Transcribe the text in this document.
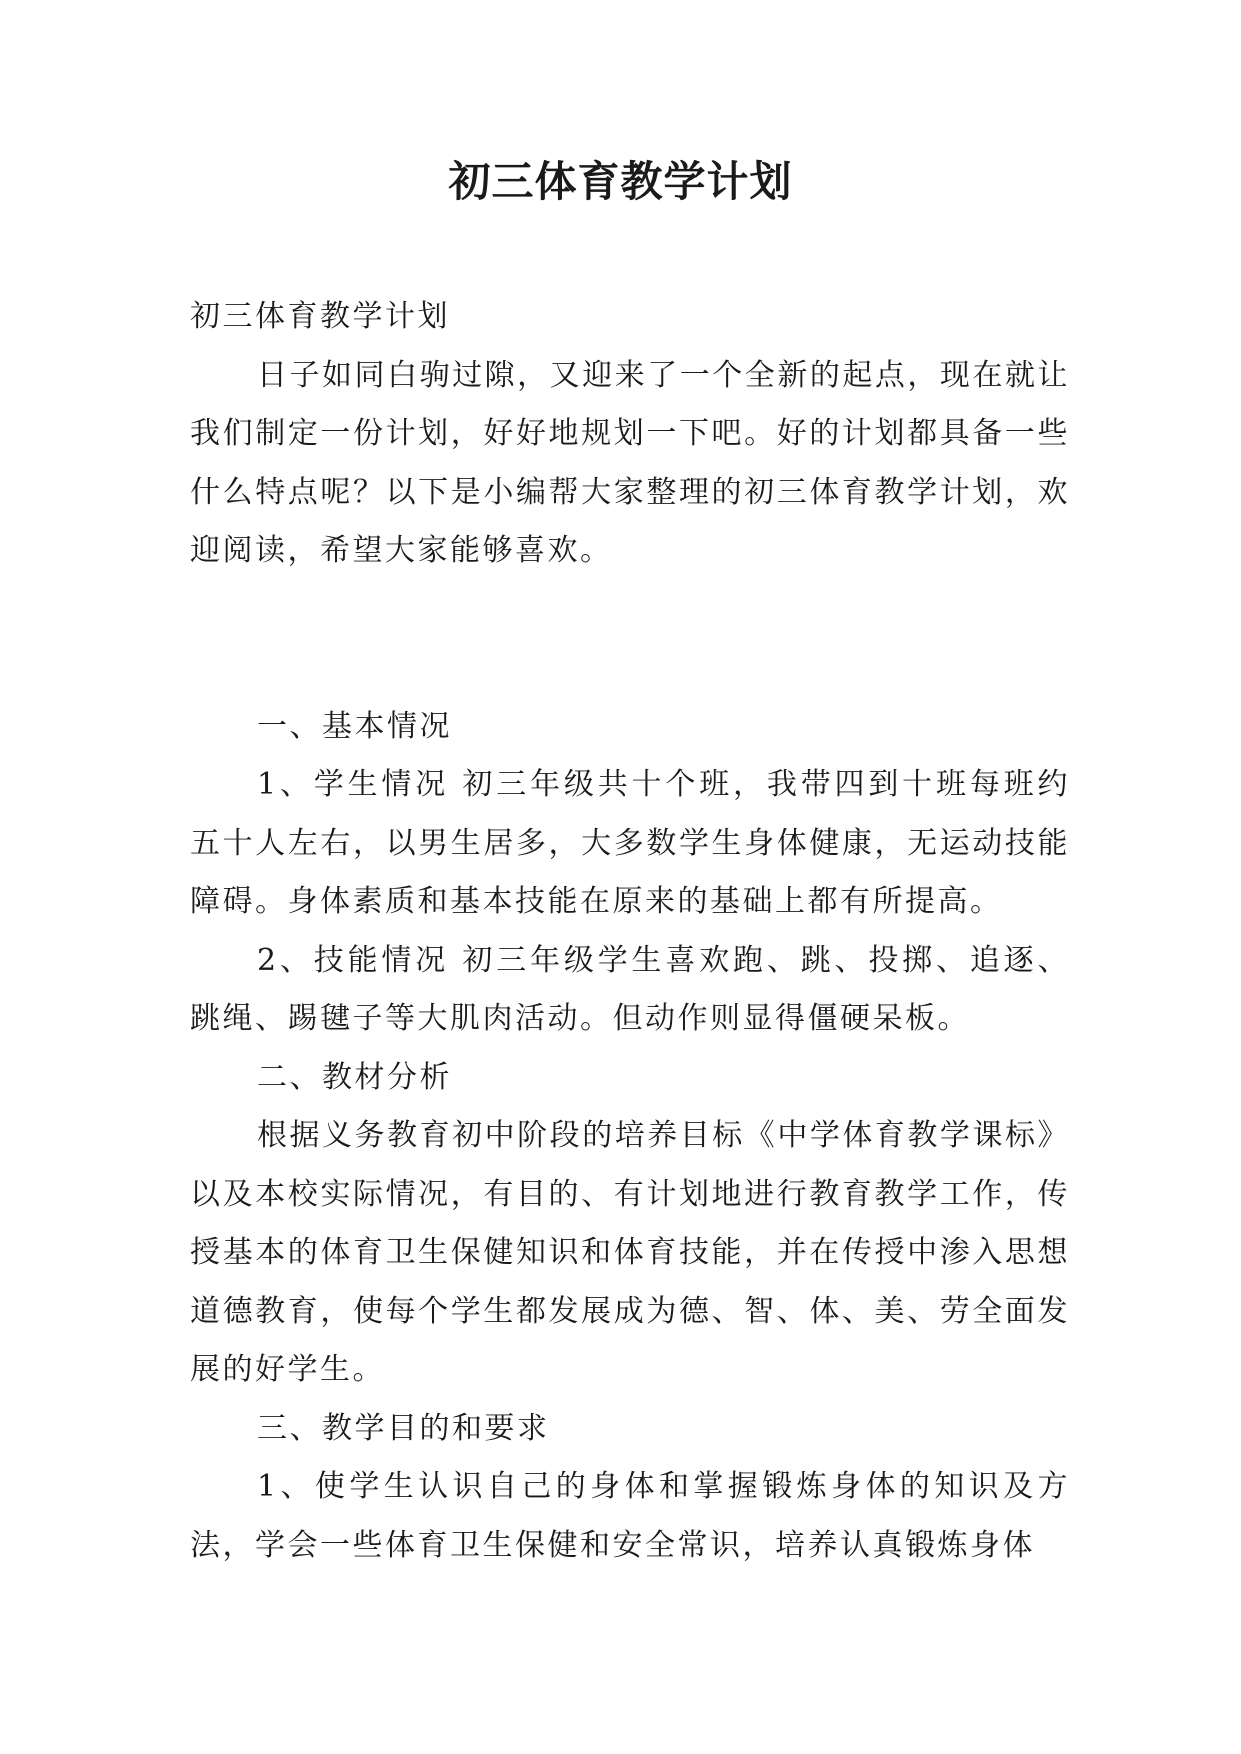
初三体育教学计划

初三体育教学计划

日子如同白驹过隙，又迎来了一个全新的起点，现在就让我们制定一份计划，好好地规划一下吧。好的计划都具备一些什么特点呢？以下是小编帮大家整理的初三体育教学计划，欢迎阅读，希望大家能够喜欢。

一、基本情况

1、学生情况 初三年级共十个班，我带四到十班每班约五十人左右，以男生居多，大多数学生身体健康，无运动技能障碍。身体素质和基本技能在原来的基础上都有所提高。

2、技能情况 初三年级学生喜欢跑、跳、投掷、追逐、跳绳、踢毽子等大肌肉活动。但动作则显得僵硬呆板。

二、教材分析

根据义务教育初中阶段的培养目标《中学体育教学课标》以及本校实际情况，有目的、有计划地进行教育教学工作，传授基本的体育卫生保健知识和体育技能，并在传授中渗入思想道德教育，使每个学生都发展成为德、智、体、美、劳全面发展的好学生。

三、教学目的和要求

1、使学生认识自己的身体和掌握锻炼身体的知识及方法，学会一些体育卫生保健和安全常识，培养认真锻炼身体
